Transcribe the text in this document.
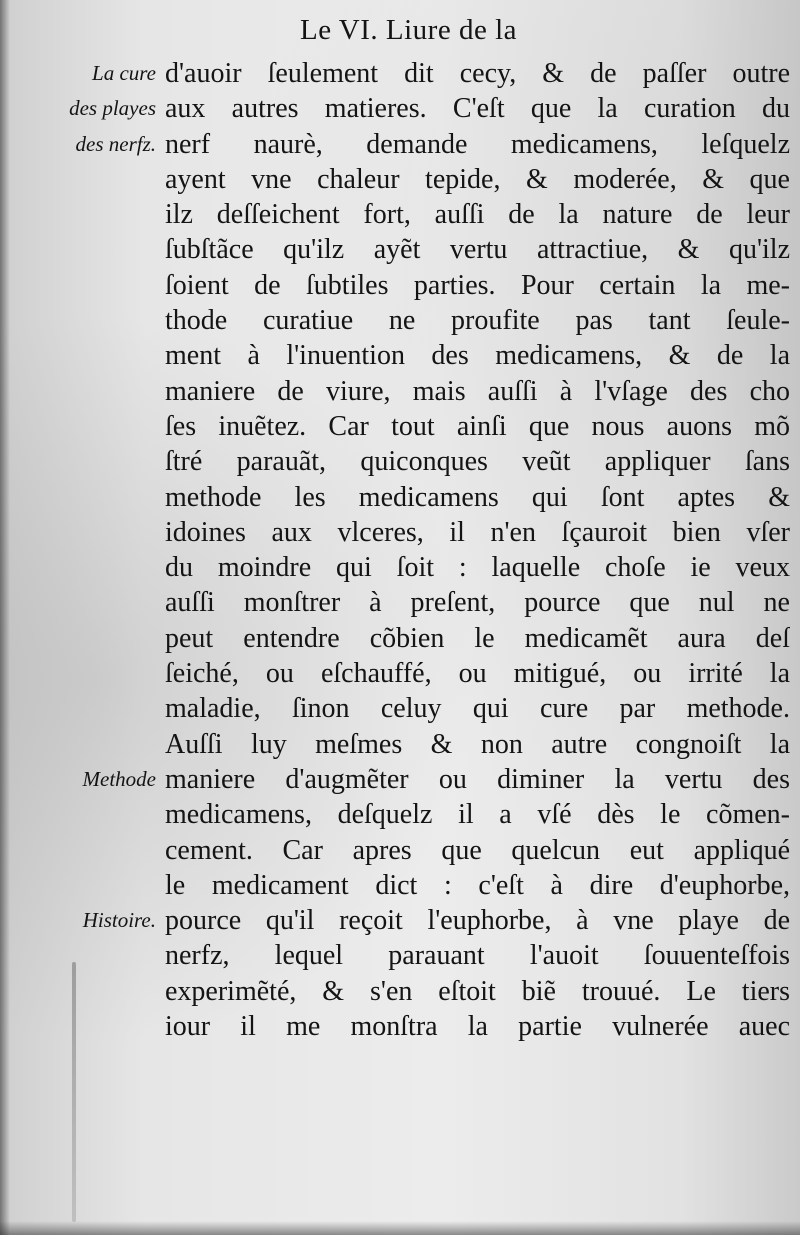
Le VI. Liure de la
La cure
des playes
des nerfz.
Methode
Histoire.
d'auoir ſeulement dit cecy, & de paſſer outre
aux autres matieres. C'eſt que la curation du
nerf naurè, demande medicamens, leſquelz
ayent vne chaleur tepide, & moderée, & que
ilz deſſeichent fort, auſſi de la nature de leur
ſubſtãce qu'ilz ayẽt vertu attractiue, & qu'ilz
ſoient de ſubtiles parties. Pour certain la me-
thode curatiue ne proufite pas tant ſeule-
ment à l'inuention des medicamens, & de la
maniere de viure, mais auſſi à l'vſage des cho
ſes inuẽtez. Car tout ainſi que nous auons mõ
ſtré parauãt, quiconques veũt appliquer ſans
methode les medicamens qui ſont aptes &
idoines aux vlceres, il n'en ſçauroit bien vſer
du moindre qui ſoit : laquelle choſe ie veux
auſſi monſtrer à preſent, pource que nul ne
peut entendre cõbien le medicamẽt aura deſ
ſeiché, ou eſchauffé, ou mitigué, ou irrité la
maladie, ſinon celuy qui cure par methode.
Auſſi luy meſmes & non autre congnoiſt la
maniere d'augmẽter ou diminer la vertu des
medicamens, deſquelz il a vſé dès le cõmen-
cement. Car apres que quelcun eut appliqué
le medicament dict : c'eſt à dire d'euphorbe,
pource qu'il reçoit l'euphorbe, à vne playe de
nerfz, lequel parauant l'auoit ſouuenteſfois
experimẽté, & s'en eſtoit biẽ trouué. Le tiers
iour il me monſtra la partie vulnerée auec
